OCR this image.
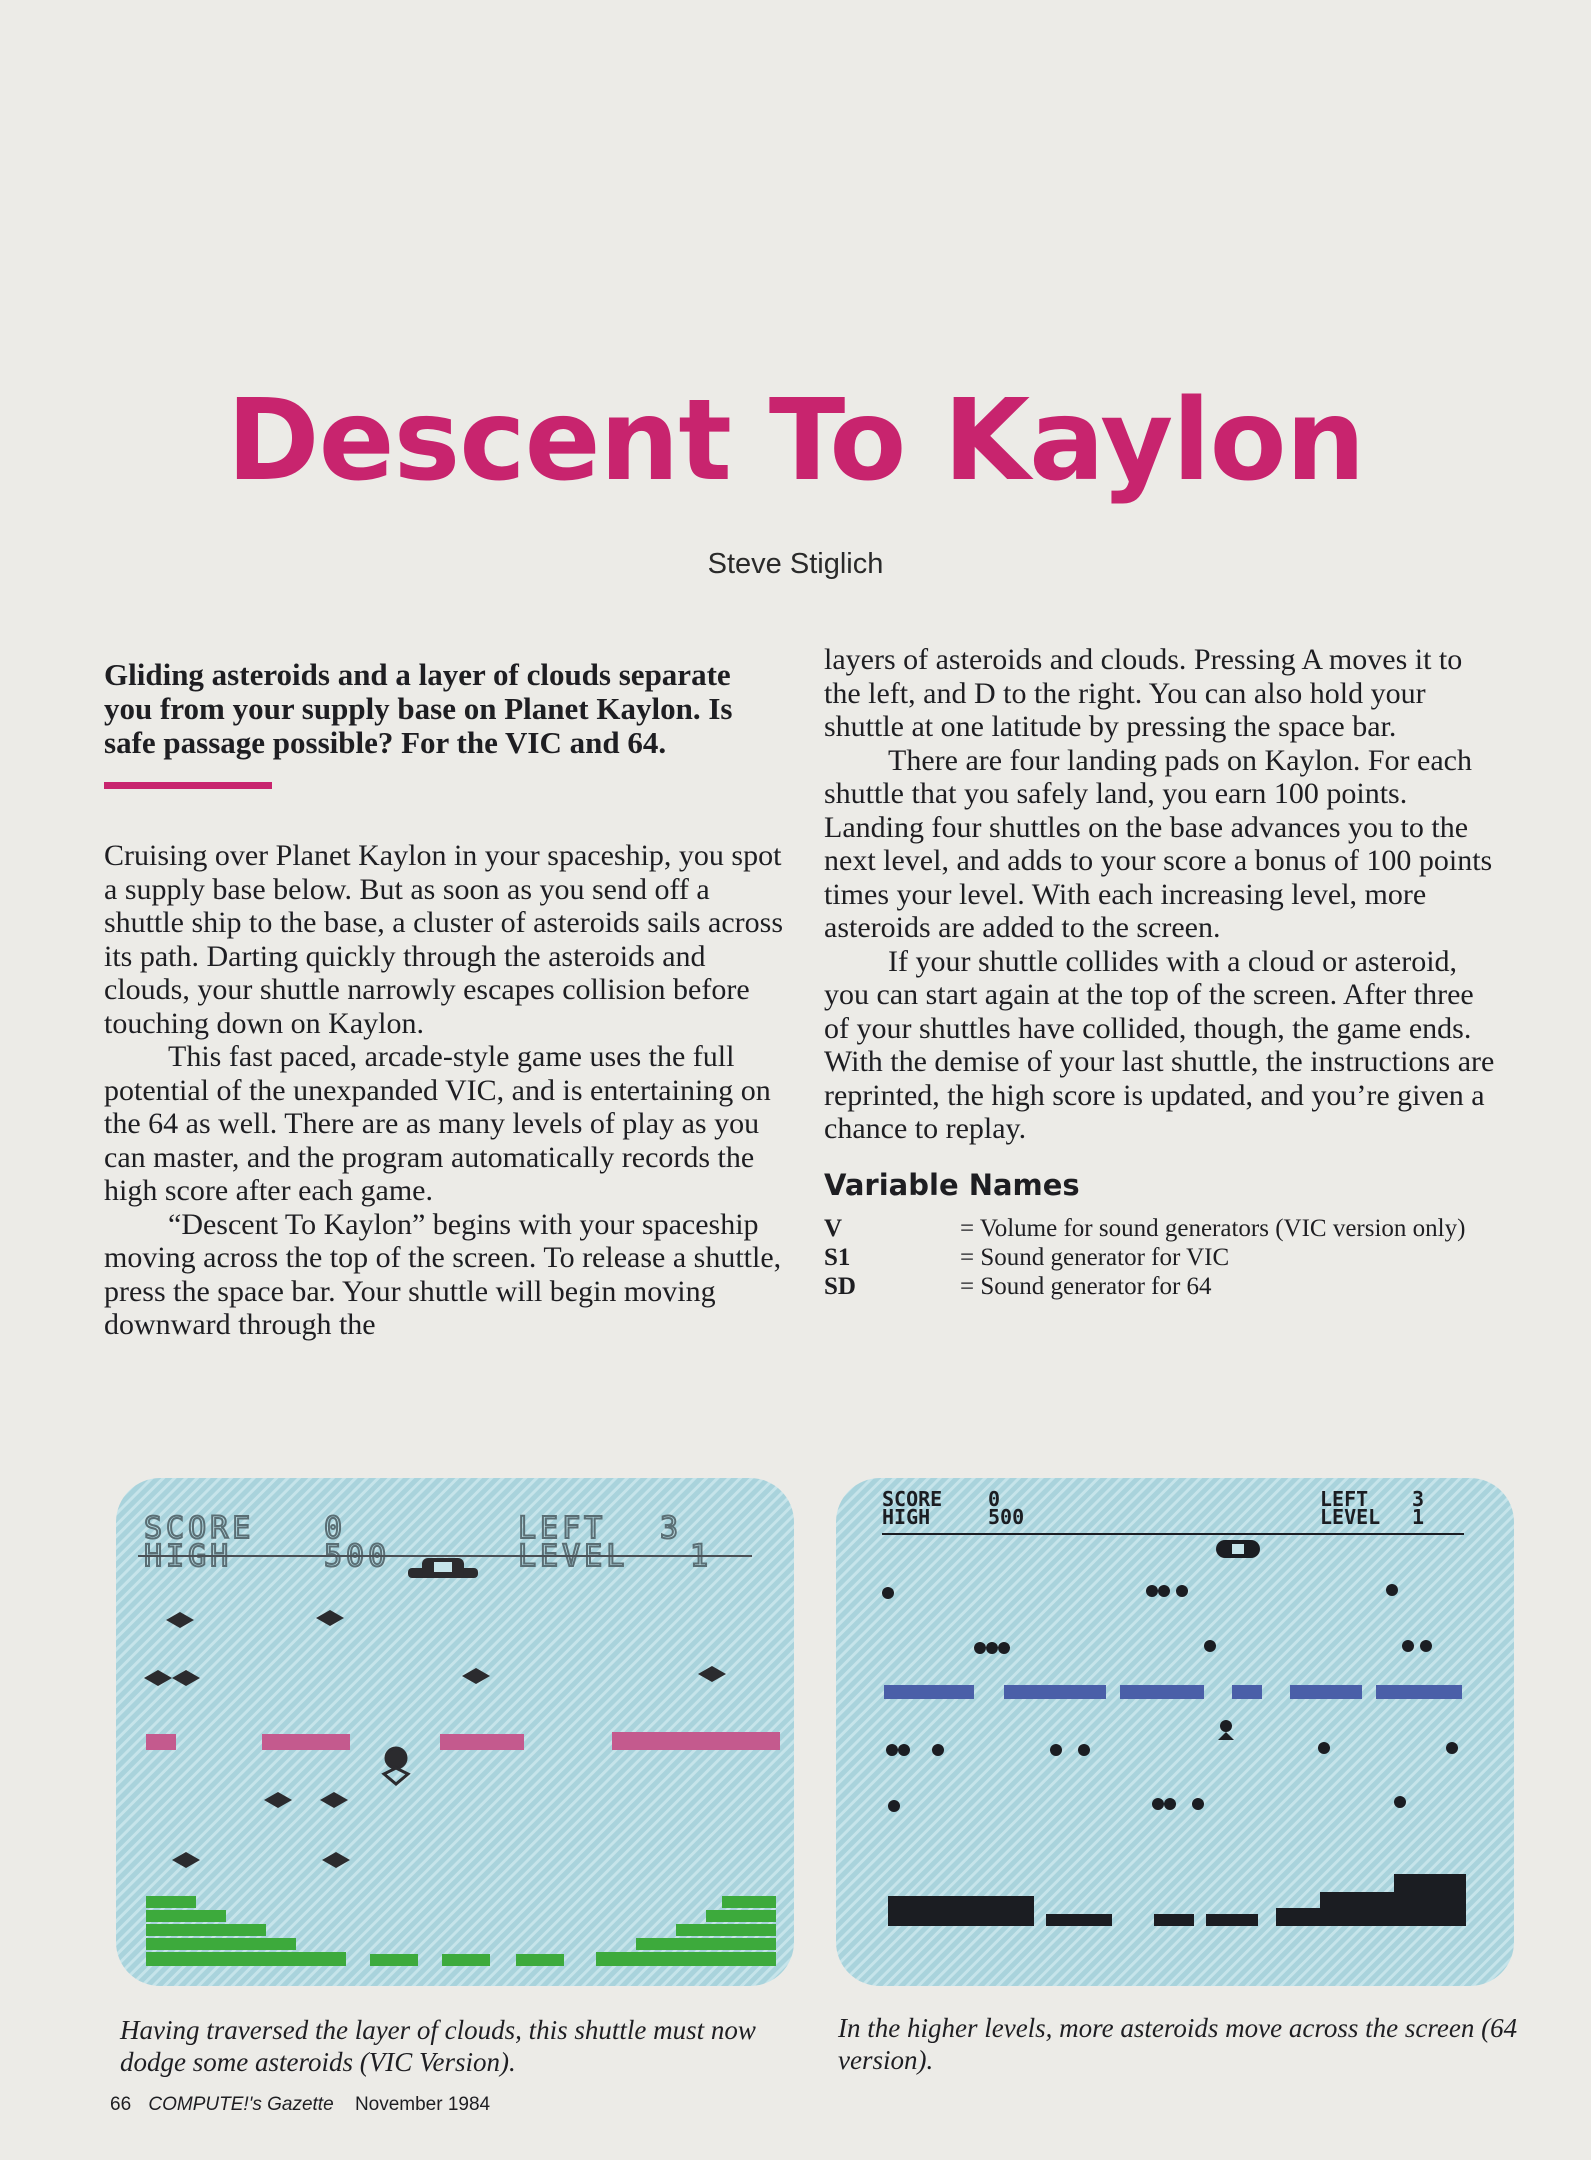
Descent To Kaylon
Steve Stiglich
Gliding asteroids and a layer of clouds separate you from your supply base on Planet Kaylon. Is safe passage possible? For the VIC and 64.

Cruising over Planet Kaylon in your spaceship, you spot a supply base below. But as soon as you send off a shuttle ship to the base, a cluster of asteroids sails across its path. Darting quickly through the asteroids and clouds, your shuttle narrowly escapes collision before touching down on Kaylon.

This fast paced, arcade-style game uses the full potential of the unexpanded VIC, and is entertaining on the 64 as well. There are as many levels of play as you can master, and the program automatically records the high score after each game.

“Descent To Kaylon” begins with your spaceship moving across the top of the screen. To release a shuttle, press the space bar. Your shuttle will begin moving downward through the

layers of asteroids and clouds. Pressing A moves it to the left, and D to the right. You can also hold your shuttle at one latitude by pressing the space bar.

There are four landing pads on Kaylon. For each shuttle that you safely land, you earn 100 points. Landing four shuttles on the base advances you to the next level, and adds to your score a bonus of 100 points times your level. With each increasing level, more asteroids are added to the screen.

If your shuttle collides with a cloud or asteroid, you can start again at the top of the screen. After three of your shuttles have collided, though, the game ends. With the demise of your last shuttle, the instructions are reprinted, the high score is updated, and you’re given a chance to replay.

Variable Names
V	= Volume for sound generators (VIC version only)
S1	= Sound generator for VIC
SD	= Sound generator for 64
SCORE
HIGH
0
500
LEFT
LEVEL
3
1
Having traversed the layer of clouds, this shuttle must now dodge some asteroids (VIC Version).
SCORE
HIGH
0
500
LEFT
LEVEL
3
1
In the higher levels, more asteroids move across the screen (64 version).
66 COMPUTE!'s Gazette November 1984
